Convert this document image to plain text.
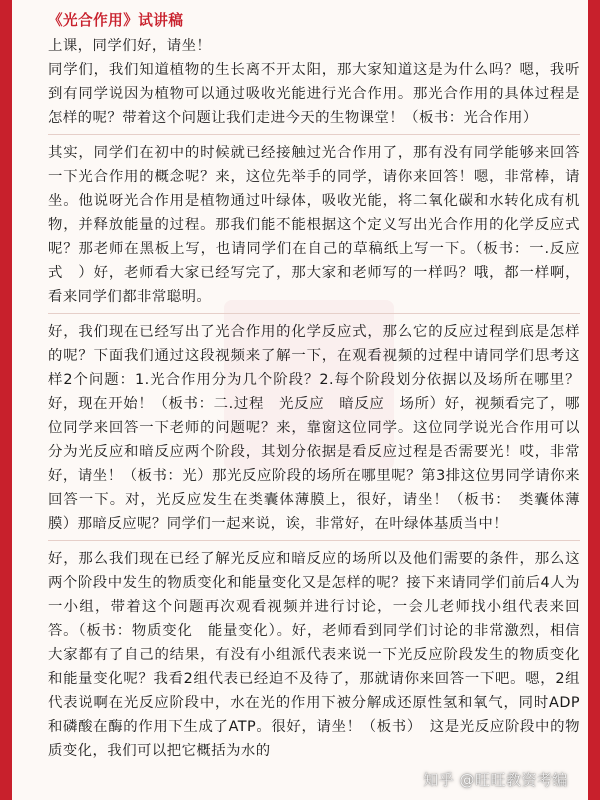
《光合作用》试讲稿

上课，同学们好，请坐！

同学们，我们知道植物的生长离不开太阳，那大家知道这是为什么吗？嗯，我听到有同学说因为植物可以通过吸收光能进行光合作用。那光合作用的具体过程是怎样的呢？带着这个问题让我们走进今天的生物课堂！（板书：光合作用）

其实，同学们在初中的时候就已经接触过光合作用了，那有没有同学能够来回答一下光合作用的概念呢？来，这位先举手的同学，请你来回答！嗯，非常棒，请坐。他说呀光合作用是植物通过叶绿体，吸收光能，将二氧化碳和水转化成有机物，并释放能量的过程。那我们能不能根据这个定义写出光合作用的化学反应式呢？那老师在黑板上写，也请同学们在自己的草稿纸上写一下。（板书：一.反应式　）好，老师看大家已经写完了，那大家和老师写的一样吗？哦，都一样啊，看来同学们都非常聪明。

好，我们现在已经写出了光合作用的化学反应式，那么它的反应过程到底是怎样的呢？下面我们通过这段视频来了解一下，在观看视频的过程中请同学们思考这样2个问题：1.光合作用分为几个阶段？2.每个阶段划分依据以及场所在哪里？好，现在开始！（板书：二.过程　光反应　暗反应　场所）好，视频看完了，哪位同学来回答一下老师的问题呢？来，靠窗这位同学。这位同学说光合作用可以分为光反应和暗反应两个阶段，其划分依据是看反应过程是否需要光！哎，非常好，请坐！（板书：光）那光反应阶段的场所在哪里呢？第3排这位男同学请你来回答一下。对，光反应发生在类囊体薄膜上，很好，请坐！（板书：　类囊体薄膜）那暗反应呢？同学们一起来说，诶，非常好，在叶绿体基质当中！

好，那么我们现在已经了解光反应和暗反应的场所以及他们需要的条件，那么这两个阶段中发生的物质变化和能量变化又是怎样的呢？接下来请同学们前后4人为一小组，带着这个问题再次观看视频并进行讨论，一会儿老师找小组代表来回答。（板书：物质变化　能量变化）。好，老师看到同学们讨论的非常激烈，相信大家都有了自己的结果，有没有小组派代表来说一下光反应阶段发生的物质变化和能量变化呢？我看2组代表已经迫不及待了，那就请你来回答一下吧。嗯，2组代表说啊在光反应阶段中，水在光的作用下被分解成还原性氢和氧气，同时ADP和磷酸在酶的作用下生成了ATP。很好，请坐！（板书）　这是光反应阶段中的物质变化，我们可以把它概括为水的

知乎 @旺旺教资考编
